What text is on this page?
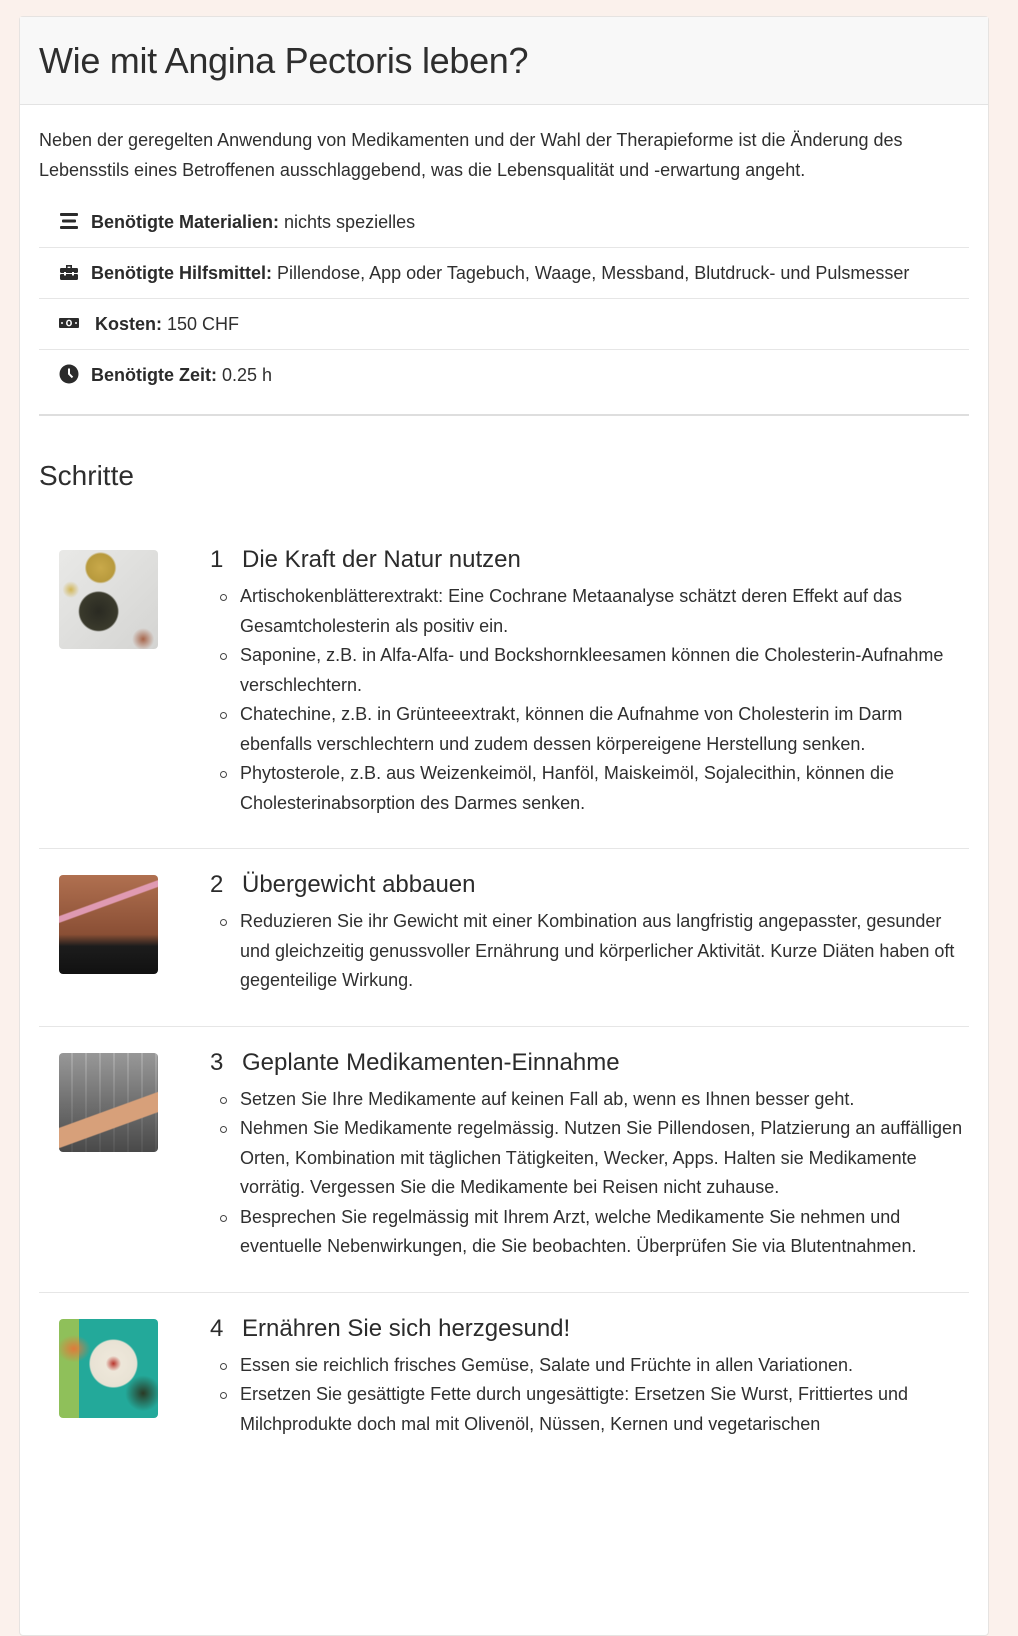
Wie mit Angina Pectoris leben?

Neben der geregelten Anwendung von Medikamenten und der Wahl der Therapieforme ist die Änderung des Lebensstils eines Betroffenen ausschlaggebend, was die Lebensqualität und -erwartung angeht.

Benötigte Materialien: nichts spezielles
Benötigte Hilfsmittel: Pillendose, App oder Tagebuch, Waage, Messband, Blutdruck- und Pulsmesser
Kosten: 150 CHF
Benötigte Zeit: 0.25 h
Schritte
1 Die Kraft der Natur nutzen
Artischokenblätterextrakt: Eine Cochrane Metaanalyse schätzt deren Effekt auf das Gesamtcholesterin als positiv ein.
Saponine, z.B. in Alfa-Alfa- und Bockshornkleesamen können die Cholesterin-Aufnahme verschlechtern.
Chatechine, z.B. in Grünteeextrakt, können die Aufnahme von Cholesterin im Darm ebenfalls verschlechtern und zudem dessen körpereigene Herstellung senken.
Phytosterole, z.B. aus Weizenkeimöl, Hanföl, Maiskeimöl, Sojalecithin, können die Cholesterinabsorption des Darmes senken.
2 Übergewicht abbauen
Reduzieren Sie ihr Gewicht mit einer Kombination aus langfristig angepasster, gesunder und gleichzeitig genussvoller Ernährung und körperlicher Aktivität. Kurze Diäten haben oft gegenteilige Wirkung.
3 Geplante Medikamenten-Einnahme
Setzen Sie Ihre Medikamente auf keinen Fall ab, wenn es Ihnen besser geht.
Nehmen Sie Medikamente regelmässig. Nutzen Sie Pillendosen, Platzierung an auffälligen Orten, Kombination mit täglichen Tätigkeiten, Wecker, Apps. Halten sie Medikamente vorrätig. Vergessen Sie die Medikamente bei Reisen nicht zuhause.
Besprechen Sie regelmässig mit Ihrem Arzt, welche Medikamente Sie nehmen und eventuelle Nebenwirkungen, die Sie beobachten. Überprüfen Sie via Blutentnahmen.
4 Ernähren Sie sich herzgesund!
Essen sie reichlich frisches Gemüse, Salate und Früchte in allen Variationen.
Ersetzen Sie gesättigte Fette durch ungesättigte: Ersetzen Sie Wurst, Frittiertes und Milchprodukte doch mal mit Olivenöl, Nüssen, Kernen und vegetarischen
